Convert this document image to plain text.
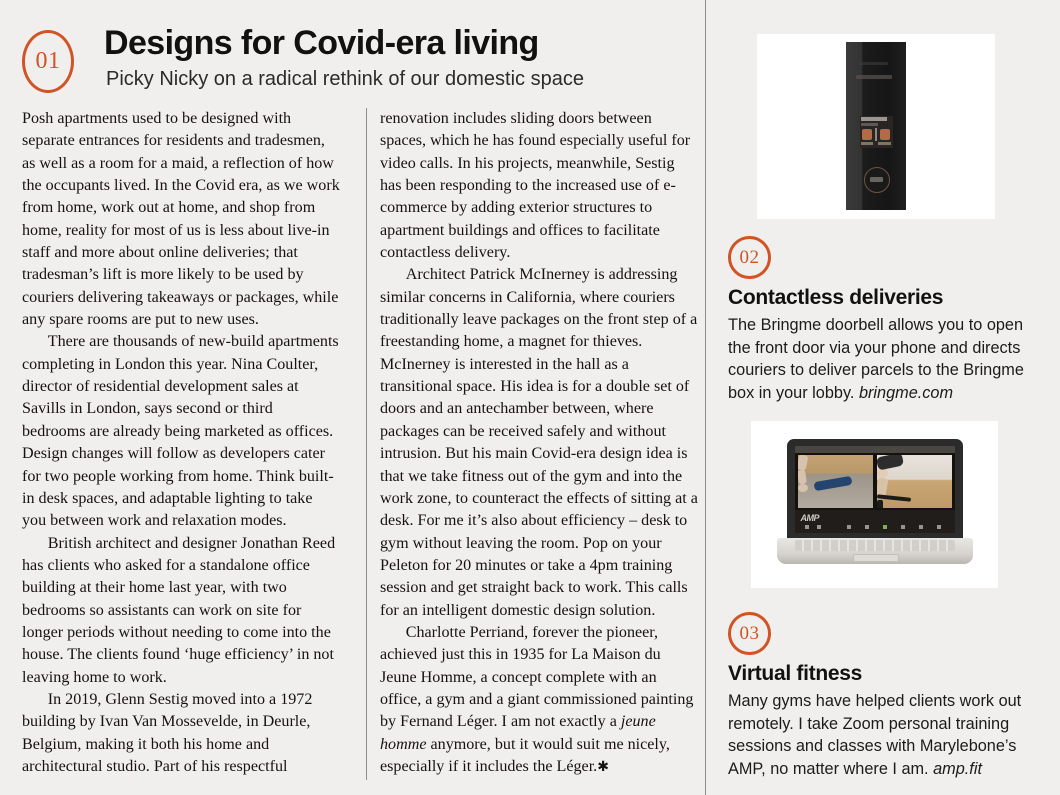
01	Designs for Covid-era living
Picky Nicky on a radical rethink of our domestic space

Posh apartments used to be designed with separate entrances for residents and tradesmen, as well as a room for a maid, a reflection of how the occupants lived. In the Covid era, as we work from home, work out at home, and shop from home, reality for most of us is less about live-in staff and more about online deliveries; that tradesman’s lift is more likely to be used by couriers delivering takeaways or packages, while any spare rooms are put to new uses.

There are thousands of new-build apartments completing in London this year. Nina Coulter, director of residential development sales at Savills in London, says second or third bedrooms are already being marketed as offices. Design changes will follow as developers cater for two people working from home. Think built-in desk spaces, and adaptable lighting to take you between work and relaxation modes.

British architect and designer Jonathan Reed has clients who asked for a standalone office building at their home last year, with two bedrooms so assistants can work on site for longer periods without needing to come into the house. The clients found ‘huge efficiency’ in not leaving home to work.

In 2019, Glenn Sestig moved into a 1972 building by Ivan Van Mossevelde, in Deurle, Belgium, making it both his home and architectural studio. Part of his respectful

renovation includes sliding doors between spaces, which he has found especially useful for video calls. In his projects, meanwhile, Sestig has been responding to the increased use of e-commerce by adding exterior structures to apartment buildings and offices to facilitate contactless delivery.

Architect Patrick McInerney is addressing similar concerns in California, where couriers traditionally leave packages on the front step of a freestanding home, a magnet for thieves. McInerney is interested in the hall as a transitional space. His idea is for a double set of doors and an antechamber between, where packages can be received safely and without intrusion. But his main Covid-era design idea is that we take fitness out of the gym and into the work zone, to counteract the effects of sitting at a desk. For me it’s also about efficiency – desk to gym without leaving the room. Pop on your Peleton for 20 minutes or take a 4pm training session and get straight back to work. This calls for an intelligent domestic design solution.

Charlotte Perriand, forever the pioneer, achieved just this in 1935 for La Maison du Jeune Homme, a concept complete with an office, a gym and a giant commissioned painting by Fernand Léger. I am not exactly a jeune homme anymore, but it would suit me nicely, especially if it includes the Léger.✱

02
Contactless deliveries
The Bringme doorbell allows you to open the front door via your phone and directs couriers to deliver parcels to the Bringme box in your lobby. bringme.com
AMP
03
Virtual fitness
Many gyms have helped clients work out remotely. I take Zoom personal training sessions and classes with Marylebone’s AMP, no matter where I am. amp.fit
